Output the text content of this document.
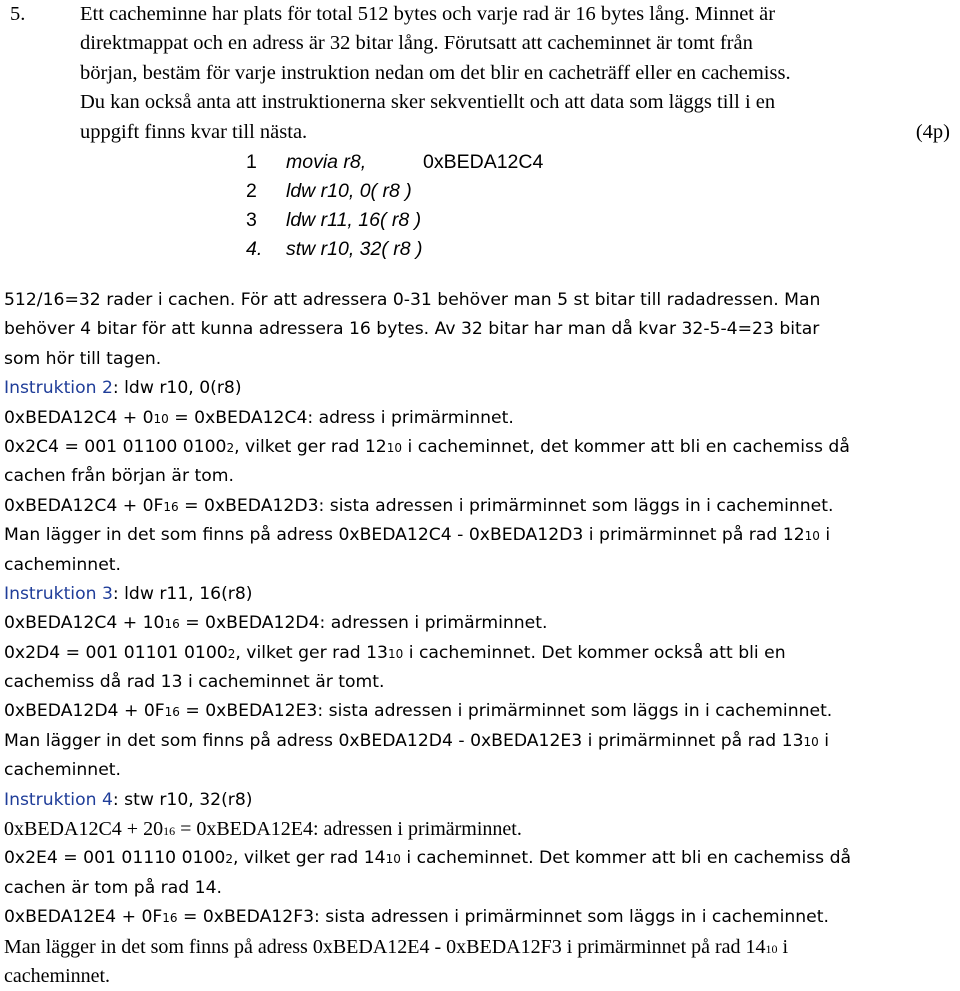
5.	Ett cacheminne har plats för total 512 bytes och varje rad är 16 bytes lång. Minnet är
direktmappat och en adress är 32 bitar lång. Förutsatt att cacheminnet är tomt från
början, bestäm för varje instruktion nedan om det blir en cacheträff eller en cachemiss.
Du kan också anta att instruktionerna sker sekventiellt och att data som läggs till i en
uppgift finns kvar till nästa.	(4p)
1 movia r8,	0xBEDA12C4
2 ldw r10, 0( r8 )
3 ldw r11, 16( r8 )
4. stw r10, 32( r8 )
512/16=32 rader i cachen. För att adressera 0-31 behöver man 5 st bitar till radadressen. Man
behöver 4 bitar för att kunna adressera 16 bytes. Av 32 bitar har man då kvar 32-5-4=23 bitar
som hör till tagen.
Instruktion 2: ldw r10, 0(r8)
0xBEDA12C4 + 010 = 0xBEDA12C4: adress i primärminnet.
0x2C4 = 001 01100 01002, vilket ger rad 1210 i cacheminnet, det kommer att bli en cachemiss då
cachen från början är tom.
0xBEDA12C4 + 0F16 = 0xBEDA12D3: sista adressen i primärminnet som läggs in i cacheminnet.
Man lägger in det som finns på adress 0xBEDA12C4 - 0xBEDA12D3 i primärminnet på rad 1210 i
cacheminnet.
Instruktion 3: ldw r11, 16(r8)
0xBEDA12C4 + 1016 = 0xBEDA12D4: adressen i primärminnet.
0x2D4 = 001 01101 01002, vilket ger rad 1310 i cacheminnet. Det kommer också att bli en
cachemiss då rad 13 i cacheminnet är tomt.
0xBEDA12D4 + 0F16 = 0xBEDA12E3: sista adressen i primärminnet som läggs in i cacheminnet.
Man lägger in det som finns på adress 0xBEDA12D4 - 0xBEDA12E3 i primärminnet på rad 1310 i
cacheminnet.
Instruktion 4: stw r10, 32(r8)
0xBEDA12C4 + 2016 = 0xBEDA12E4: adressen i primärminnet.
0x2E4 = 001 01110 01002, vilket ger rad 1410 i cacheminnet. Det kommer att bli en cachemiss då
cachen är tom på rad 14.
0xBEDA12E4 + 0F16 = 0xBEDA12F3: sista adressen i primärminnet som läggs in i cacheminnet.
Man lägger in det som finns på adress 0xBEDA12E4 - 0xBEDA12F3 i primärminnet på rad 1410 i
cacheminnet.
